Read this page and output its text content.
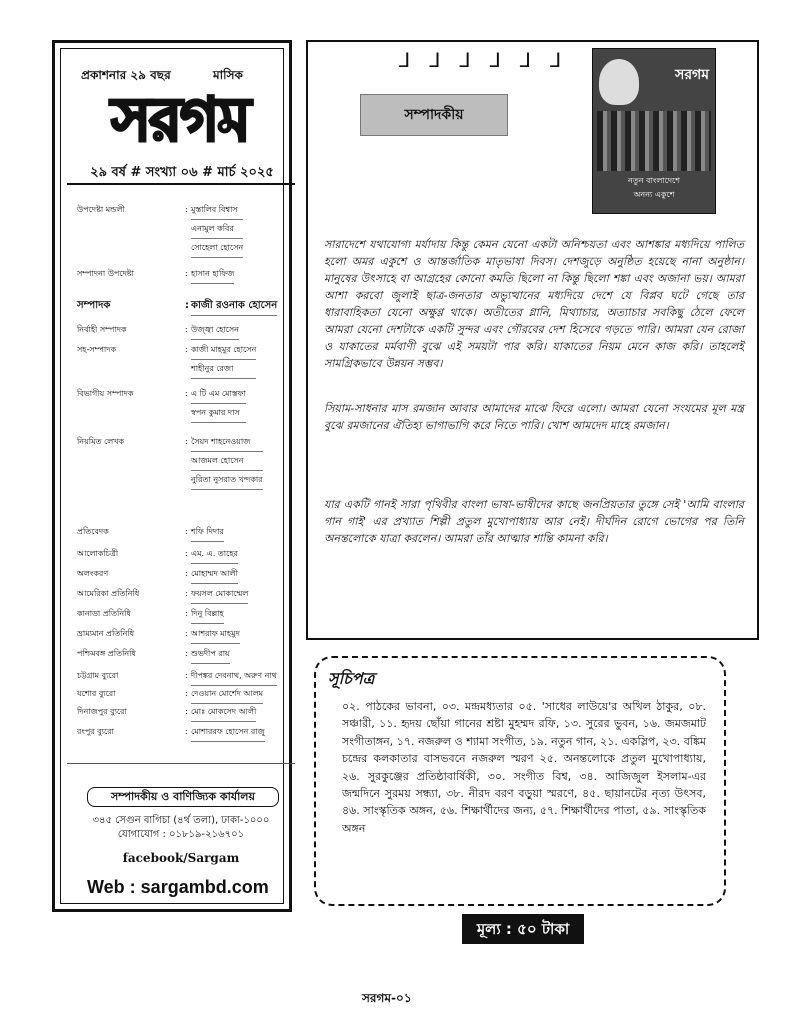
প্রকাশনার ২৯ বছর	মাসিক
সরগম
২৯ বর্ষ # সংখ্যা ০৬ # মার্চ ২০২৫
উপদেষ্টা মন্ডলী	: মুস্তালিব বিশ্বাস
এনামুল কবির
সোহেলা হোসেন
সম্পাদনা উপদেষ্টা	: হাসান হাফিজ
সম্পাদক	: কাজী রওনাক হোসেন
নির্বাহী সম্পাদক	: উজ্জ্বা হোসেন
সহ-সম্পাদক	: কাজী মাহমুর হোসেন
শাহীনুর রেজা
বিভাগীয় সম্পাদক	: এ টি এম মোস্তফা
স্বপন কুমার দাস
নিয়মিত লেখক	: সৈয়দ শাহনেওয়াজ
আজমল হোসেন
নুরিতা নুসরাত খন্দকার
প্রতিবেদক	: শফি দিদার
আলোকচিত্রী	: এম. এ. তাহের
অলংকরণ	: মোহাম্মদ আলী
আমেরিকা প্রতিনিধি	: ফয়সল মোকাম্মেল
কানাডা প্রতিনিধি	: দিনু বিল্লাহ
ভ্রাম্যমান প্রতিনিধি	: আশরাফ মাহমুদ
পশ্চিমবঙ্গ প্রতিনিধি	: শুভদীপ রায়
চট্টগ্রাম ব্যুরো	: দীপঙ্কর দেবনাথ, অরুণ নাথ
যশোর ব্যুরো	: দেওয়ান মোর্শেদ আলম
দিনাজপুর ব্যুরো	: মোঃ মোকসেদ আলী
রংপুর ব্যুরো	: মোশাররফ হোসেন রাজু
সম্পাদকীয় ও বাণিজ্যিক কার্যালয়
৩৪৫ সেগুন বাগিচা (৪র্থ তলা), ঢাকা-১০০০
যোগাযোগ : ০১৮১৯-২১৬৭০১
facebook/Sargam
Web : sargambd.com
ᒧᒧᒧᒧᒧᒧ
সম্পাদকীয়
সরগম
নতুন বাংলাদেশে
অনন্য একুশে
সারাদেশে যথাযোগ্য মর্যাদায় কিন্তু কেমন যেনো একটা অনিশ্চয়তা এবং আশঙ্কার মধ্যদিয়ে পালিত হলো অমর একুশে ও আন্তর্জাতিক মাতৃভাষা দিবস। দেশজুড়ে অনুষ্ঠিত হয়েছে নানা অনুষ্ঠান। মানুষের উৎসাহে বা আগ্রহের কোনো কমতি ছিলো না কিন্তু ছিলো শঙ্কা এবং অজানা ভয়। আমরা আশা করবো জুলাই ছাত্র-জনতার অভ্যুত্থানের মধ্যদিয়ে দেশে যে বিপ্লব ঘটে গেছে তার ধারাবাহিকতা যেনো অক্ষুণ্ণ থাকে। অতীতের গ্লানি, মিথ্যাচার, অত্যাচার সবকিছু ঠেলে ফেলে আমরা যেনো দেশটাকে একটি সুন্দর এবং গৌরবের দেশ হিসেবে গড়তে পারি। আমরা যেন রোজা ও যাকাতের মর্মবাণী বুঝে এই সময়টা পার করি। যাকাতের নিয়ম মেনে কাজ করি। তাহলেই সামগ্রিকভাবে উন্নয়ন সম্ভব।
সিয়াম-সাধনার মাস রমজান আবার আমাদের মাঝে ফিরে এলো। আমরা যেনো সংযমের মূল মন্ত্র বুঝে রমজানের ঐতিহ্য ভাগাভাগি করে নিতে পারি। খোশ আমদেদ মাহে রমজান।
যার একটি গানই সারা পৃথিবীর বাংলা ভাষা-ভাষীদের কাছে জনপ্রিয়তার তুঙ্গে সেই 'আমি বাংলার গান গাই' এর প্রখ্যাত শিল্পী প্রতুল মুখোপাধ্যায় আর নেই। দীর্ঘদিন রোগে ভোগের পর তিনি অনন্তলোকে যাত্রা করলেন। আমরা তাঁর আত্মার শান্তি কামনা করি।
সূচিপত্র
০২. পাঠকের ভাবনা, ০৩. মন্দ্রমধ্যতার ০৫. 'সাধের লাউয়ে'র অখিল ঠাকুর, ০৮. সঞ্চারী, ১১. হৃদয় ছোঁয়া গানের শ্রষ্টা মুহম্মদ রফি, ১৩. সুরের ভুবন, ১৬. জমজমাট সংগীতাঙ্গন, ১৭. নজরুল ও শ্যামা সংগীত, ১৯. নতুন গান, ২১. একস্লিপ, ২৩. বঙ্কিম চন্দ্রের কলকাতার বাসভবনে নজরুল স্মরণ ২৫. অনন্তলোকে প্রতুল মুখোপাধ্যায়, ২৬. সুরকুঞ্জের প্রতিষ্ঠাবার্ষিকী, ৩০. সংগীত বিশ্ব, ৩৪. আজিজুল ইসলাম-এর জন্মদিনে সুরময় সন্ধ্যা, ৩৮. নীরদ বরণ বড়ুয়া স্মরণে, ৪৫. ছায়ানটের নৃত্য উৎসব, ৪৬. সাংস্কৃতিক অঙ্গন, ৫৬. শিক্ষার্থীদের জন্য, ৫৭. শিক্ষার্থীদের পাতা, ৫৯. সাংস্কৃতিক অঙ্গন
মূল্য : ৫০ টাকা
সরগম-০১
